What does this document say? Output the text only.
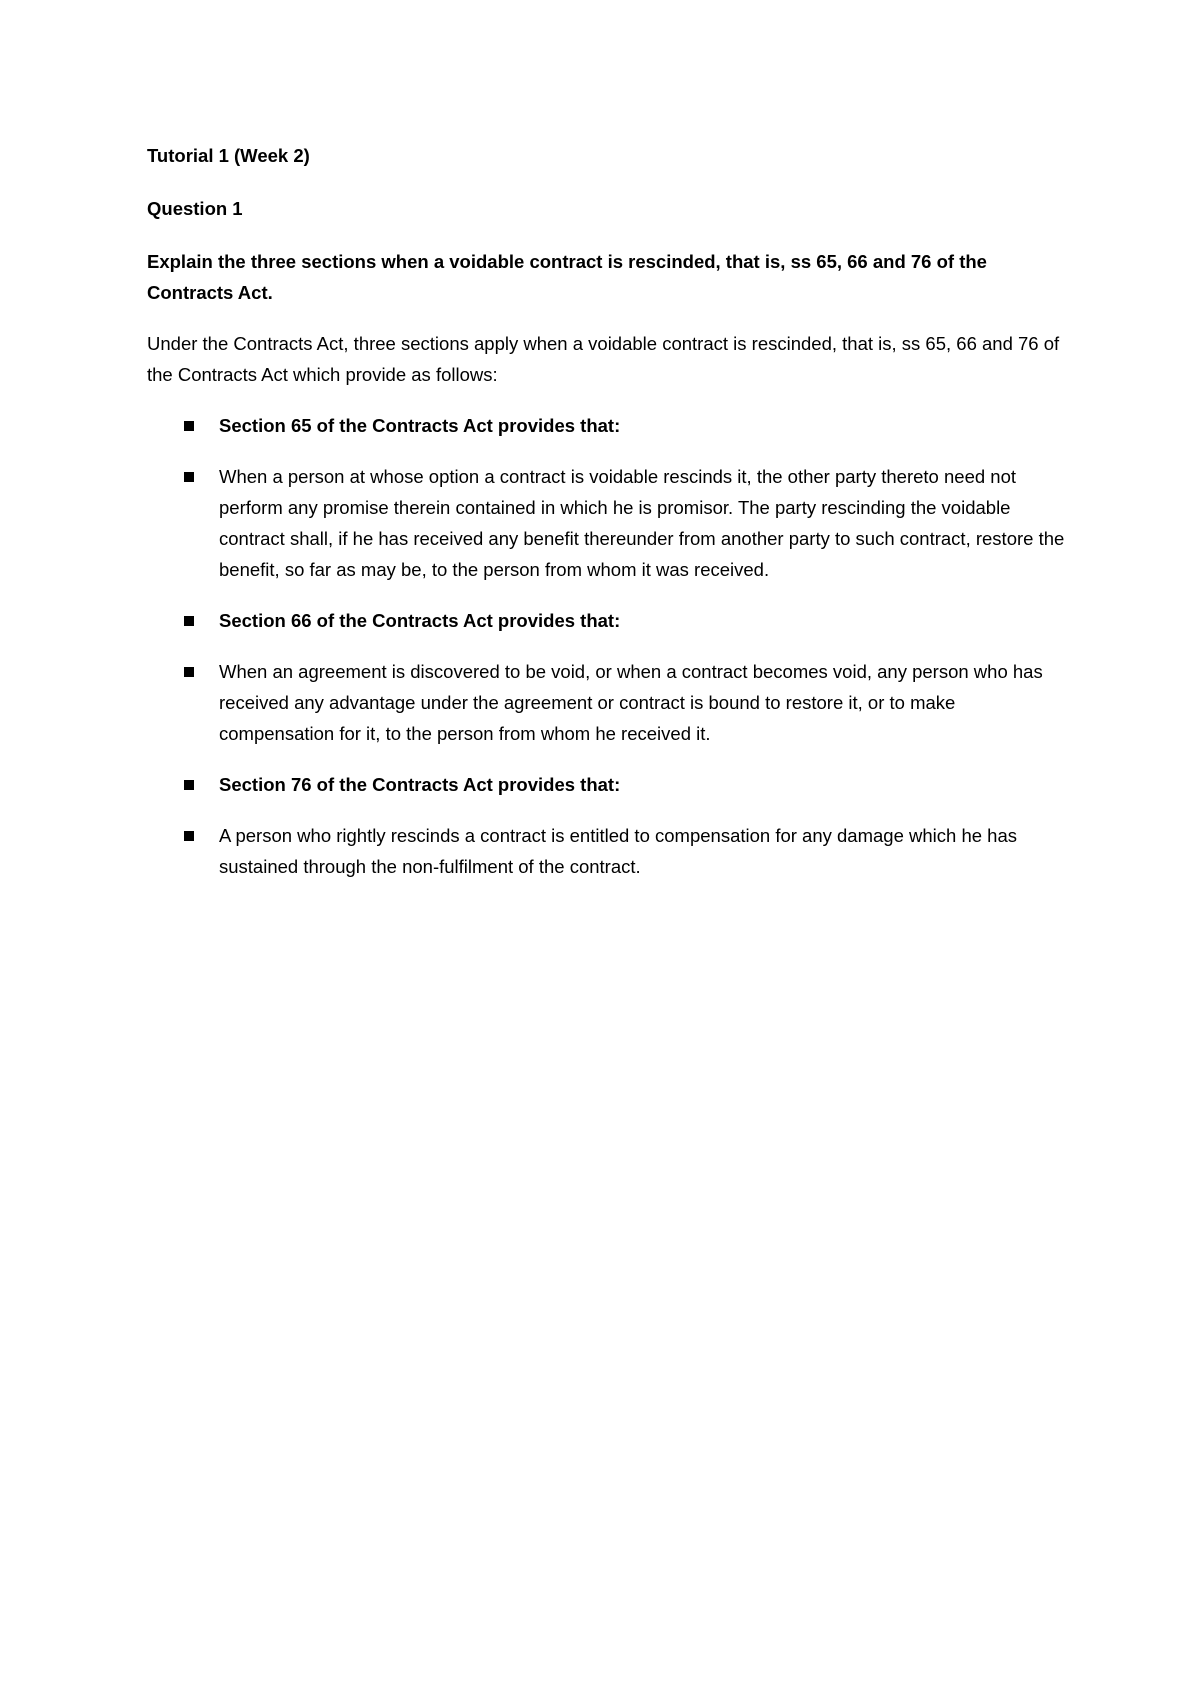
Tutorial 1 (Week 2)

Question 1

Explain the three sections when a voidable contract is rescinded, that is, ss 65, 66 and 76 of the Contracts Act.

Under the Contracts Act, three sections apply when a voidable contract is rescinded, that is, ss 65, 66 and 76 of the Contracts Act which provide as follows:

Section 65 of the Contracts Act provides that:
When a person at whose option a contract is voidable rescinds it, the other party thereto need not perform any promise therein contained in which he is promisor. The party rescinding the voidable contract shall, if he has received any benefit thereunder from another party to such contract, restore the benefit, so far as may be, to the person from whom it was received.
Section 66 of the Contracts Act provides that:
When an agreement is discovered to be void, or when a contract becomes void, any person who has received any advantage under the agreement or contract is bound to restore it, or to make compensation for it, to the person from whom he received it.
Section 76 of the Contracts Act provides that:
A person who rightly rescinds a contract is entitled to compensation for any damage which he has sustained through the non-fulfilment of the contract.
